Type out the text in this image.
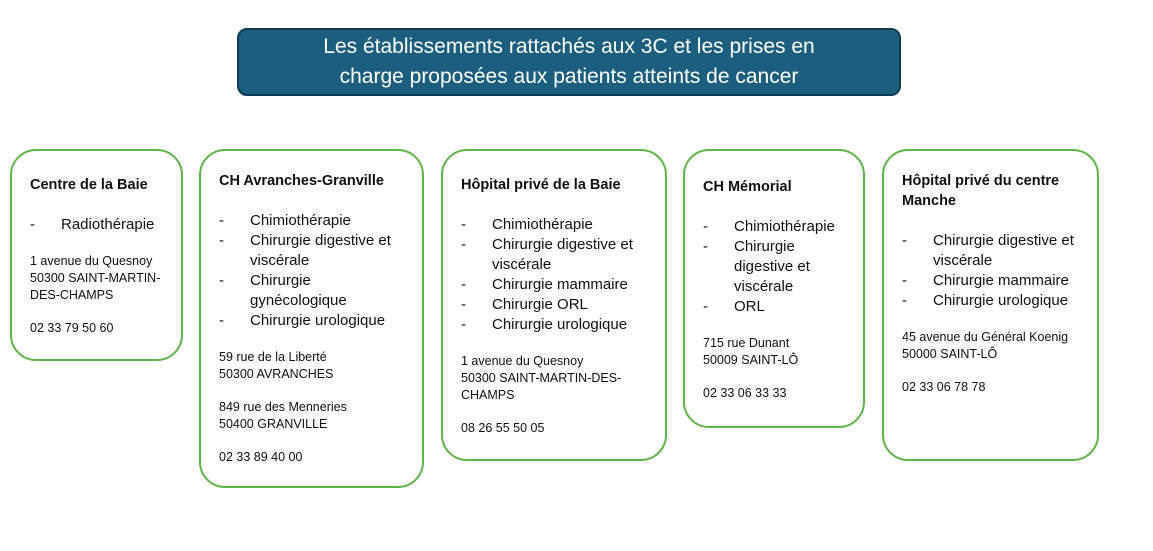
Les établissements rattachés aux 3C et les prises en
charge proposées aux patients atteints de cancer
Centre de la Baie
- Radiothérapie

1 avenue du Quesnoy
50300 SAINT-MARTIN-
DES-CHAMPS

02 33 79 50 60

CH Avranches-Granville
- Chimiothérapie
- Chirurgie digestive et viscérale
- Chirurgie gynécologique
- Chirurgie urologique

59 rue de la Liberté
50300 AVRANCHES

849 rue des Menneries
50400 GRANVILLE

02 33 89 40 00

Hôpital privé de la Baie
- Chimiothérapie
- Chirurgie digestive et viscérale
- Chirurgie mammaire
- Chirurgie ORL
- Chirurgie urologique

1 avenue du Quesnoy
50300 SAINT-MARTIN-DES-
CHAMPS

08 26 55 50 05

CH Mémorial
- Chimiothérapie
- Chirurgie digestive et viscérale
- ORL

715 rue Dunant
50009 SAINT-LÔ

02 33 06 33 33

Hôpital privé du centre Manche
- Chirurgie digestive et viscérale
- Chirurgie mammaire
- Chirurgie urologique

45 avenue du Général Koenig
50000 SAINT-LÔ

02 33 06 78 78
